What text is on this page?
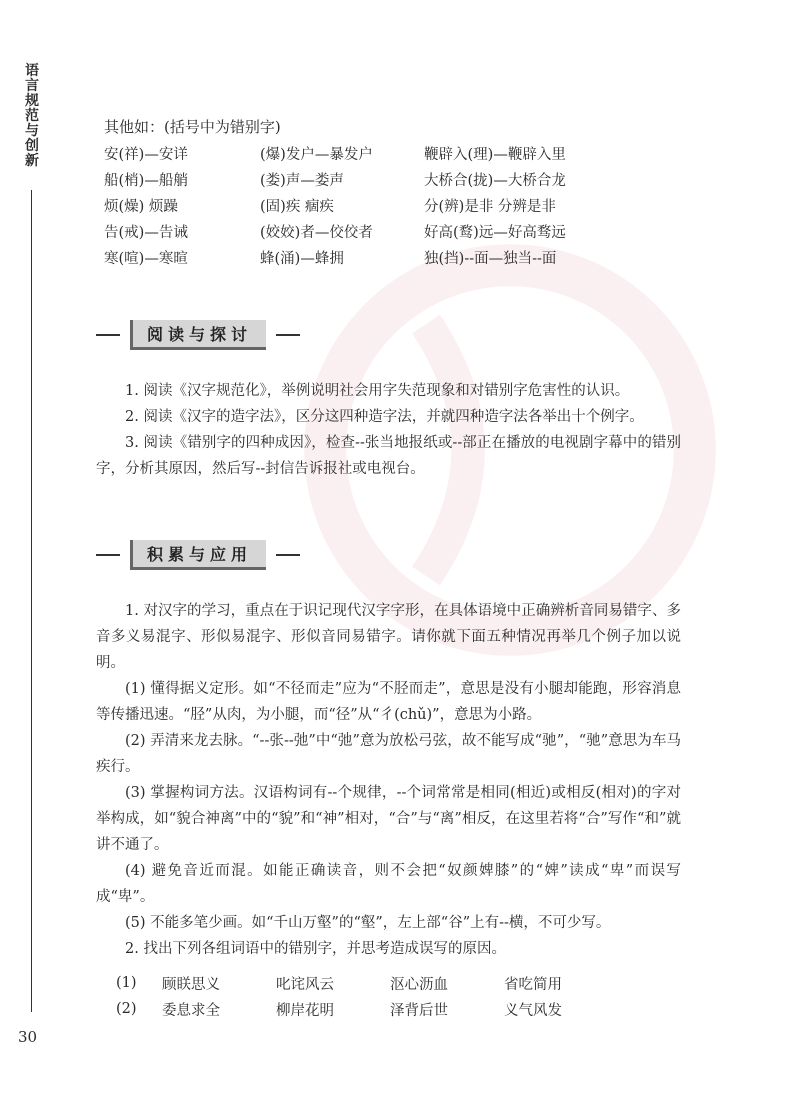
语言规范与创新
30
其他如：(括号中为错别字)
安(祥)—安详	(爆)发户—暴发户	鞭辟入(理)—鞭辟入里
船(梢)—船艄	(娄)声—娄声	大桥合(拢)—大桥合龙
烦(燥) 烦躁	(固)疾 痼疾	分(辨)是非 分辨是非
告(戒)—告诫	(姣姣)者—佼佼者	好高(鹜)远—好高骛远
寒(喧)—寒暄	蜂(涌)—蜂拥	独(挡)--面—独当--面
阅读与探讨

1. 阅读《汉字规范化》，举例说明社会用字失范现象和对错别字危害性的认识。

2. 阅读《汉字的造字法》，区分这四种造字法，并就四种造字法各举出十个例字。

3. 阅读《错别字的四种成因》，检查--张当地报纸或--部正在播放的电视剧字幕中的错别字，分析其原因，然后写--封信告诉报社或电视台。

积累与应用

1. 对汉字的学习，重点在于识记现代汉字字形，在具体语境中正确辨析音同易错字、多音多义易混字、形似易混字、形似音同易错字。请你就下面五种情况再举几个例子加以说明。

(1) 懂得据义定形。如“不径而走”应为“不胫而走”，意思是没有小腿却能跑，形容消息等传播迅速。“胫”从肉，为小腿，而“径”从“彳(chǔ)”，意思为小路。

(2) 弄清来龙去脉。“--张--弛”中“弛”意为放松弓弦，故不能写成“驰”，“驰”意思为车马疾行。

(3) 掌握构词方法。汉语构词有--个规律，--个词常常是相同(相近)或相反(相对)的字对举构成，如“貌合神离”中的“貌”和“神”相对，“合”与“离”相反，在这里若将“合”写作“和”就讲不通了。

(4) 避免音近而混。如能正确读音，则不会把“奴颜婢膝”的“婢”读成“卑”而误写成“卑”。

(5) 不能多笔少画。如“千山万壑”的“壑”，左上部“谷”上有--横，不可少写。

2. 找出下列各组词语中的错别字，并思考造成误写的原因。

(1)	顾眹思义	叱诧风云	沤心沥血	省吃简用
(2)	委息求全	柳岸花明	泽背后世	义气风发
